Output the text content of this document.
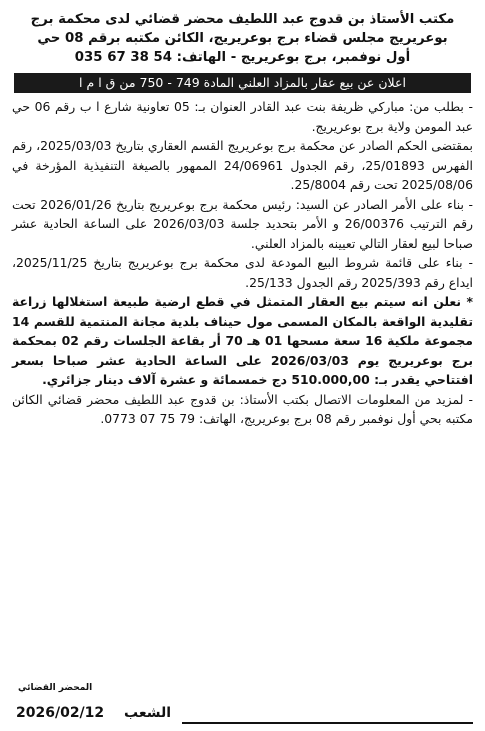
مكتب الأستاذ بن قدوج عبد اللطيف محضر قضائي لدى محكمة برج
بوعريريج مجلس قضاء برج بوعريريج، الكائن مكتبه برقم 08 حي
أول نوفمبر، برج بوعريريج - الهاتف: 54 38 67 035
اعلان عن بيع عقار بالمزاد العلني المادة 749 - 750 من ق ا م ا

- بطلب من: مباركي ظريفة بنت عبد القادر العنوان بـ: 05 تعاونية شارع ا ب رقم 06 حي عبد المومن ولاية برج بوعريريج.

بمقتضى الحكم الصادر عن محكمة برج بوعريريج القسم العقاري بتاريخ 2025/03/03، رقم الفهرس 25/01893، رقم الجدول 24/06961 الممهور بالصيغة التنفيذية المؤرخة في 2025/08/06 تحت رقم 25/8004.

- بناء على الأمر الصادر عن السيد: رئيس محكمة برج بوعريريج بتاريخ 2026/01/26 تحت رقم الترتيب 26/00376 و الأمر بتحديد جلسة 2026/03/03 على الساعة الحادية عشر صباحا لبيع لعقار التالي تعيينه بالمزاد العلني.

- بناء على قائمة شروط البيع المودعة لدى محكمة برج بوعريريج بتاريخ 2025/11/25، ايداع رقم 2025/393 رقم الجدول 25/133.

* نعلن انه سيتم بيع العقار المتمثل في قطع ارضية طبيعة استغلالها زراعة تقليدية الواقعة بالمكان المسمى مول حيناف بلدية مجانة المنتمية للقسم 14 مجموعة ملكية 16 سعة مسحها 01 هـ 70 أر بقاعة الجلسات رقم 02 بمحكمة برج بوعريريج يوم 2026/03/03 على الساعة الحادية عشر صباحا بسعر افتتاحي يقدر بـ: 510.000,00 دج خمسمائة و عشرة آلاف دينار جزائري.

- لمزيد من المعلومات الاتصال بكتب الأستاذ: بن قدوج عبد اللطيف محضر قضائي الكائن مكتبه بحي أول نوفمبر رقم 08 برج بوعريريج، الهاتف: 79 75 07 0773.

المحضر القضائي
الشعب
2026/02/12
